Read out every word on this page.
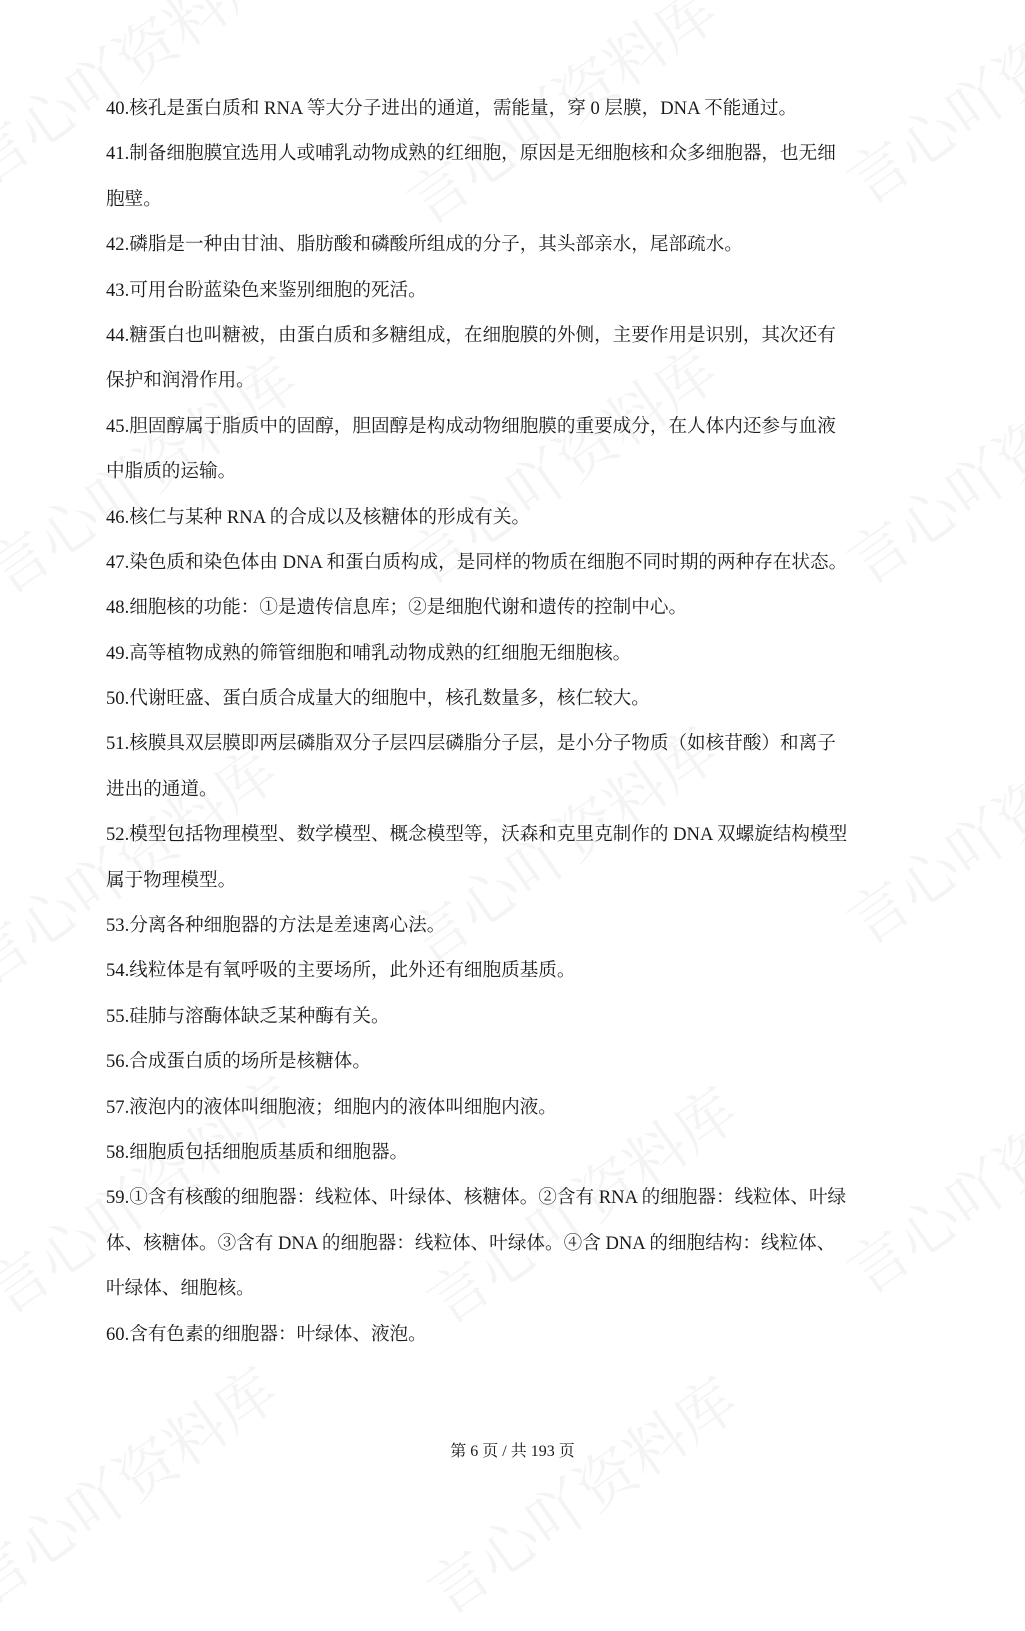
40.核孔是蛋白质和 RNA 等大分子进出的通道，需能量，穿 0 层膜，DNA 不能通过。
41.制备细胞膜宜选用人或哺乳动物成熟的红细胞，原因是无细胞核和众多细胞器，也无细
胞壁。
42.磷脂是一种由甘油、脂肪酸和磷酸所组成的分子，其头部亲水，尾部疏水。
43.可用台盼蓝染色来鉴别细胞的死活。
44.糖蛋白也叫糖被，由蛋白质和多糖组成，在细胞膜的外侧，主要作用是识别，其次还有
保护和润滑作用。
45.胆固醇属于脂质中的固醇，胆固醇是构成动物细胞膜的重要成分，在人体内还参与血液
中脂质的运输。
46.核仁与某种 RNA 的合成以及核糖体的形成有关。
47.染色质和染色体由 DNA 和蛋白质构成，是同样的物质在细胞不同时期的两种存在状态。
48.细胞核的功能：①是遗传信息库；②是细胞代谢和遗传的控制中心。
49.高等植物成熟的筛管细胞和哺乳动物成熟的红细胞无细胞核。
50.代谢旺盛、蛋白质合成量大的细胞中，核孔数量多，核仁较大。
51.核膜具双层膜即两层磷脂双分子层四层磷脂分子层，是小分子物质（如核苷酸）和离子
进出的通道。
52.模型包括物理模型、数学模型、概念模型等，沃森和克里克制作的 DNA 双螺旋结构模型
属于物理模型。
53.分离各种细胞器的方法是差速离心法。
54.线粒体是有氧呼吸的主要场所，此外还有细胞质基质。
55.硅肺与溶酶体缺乏某种酶有关。
56.合成蛋白质的场所是核糖体。
57.液泡内的液体叫细胞液；细胞内的液体叫细胞内液。
58.细胞质包括细胞质基质和细胞器。
59.①含有核酸的细胞器：线粒体、叶绿体、核糖体。②含有 RNA 的细胞器：线粒体、叶绿
体、核糖体。③含有 DNA 的细胞器：线粒体、叶绿体。④含 DNA 的细胞结构：线粒体、
叶绿体、细胞核。
60.含有色素的细胞器：叶绿体、液泡。
第 6 页 / 共 193 页
